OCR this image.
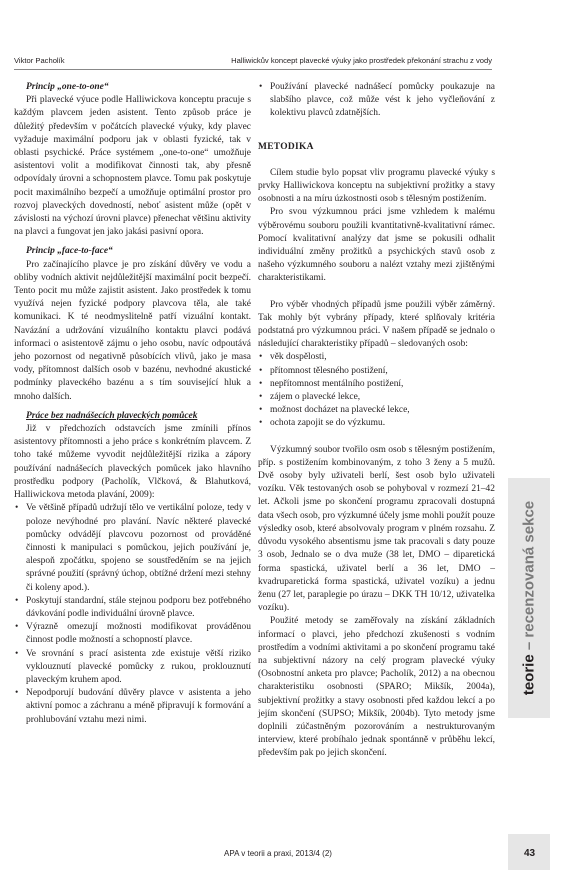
Viktor Pacholík	Halliwickův koncept plavecké výuky jako prostředek překonání strachu z vody

Princip „one-to-one“

Při plavecké výuce podle Halliwickova konceptu pracuje s každým plavcem jeden asistent. Tento způsob práce je důležitý především v počátcích plavecké výuky, kdy plavec vyžaduje maximální podporu jak v oblasti fyzické, tak v oblasti psychické. Práce systémem „one-to-one“ umožňuje asistentovi volit a modifikovat činnosti tak, aby přesně odpovídaly úrovni a schopnostem plavce. Tomu pak poskytuje pocit maximálního bezpečí a umožňuje optimální prostor pro rozvoj plaveckých dovedností, neboť asistent může (opět v závislosti na výchozí úrovni plavce) přenechat většinu aktivity na plavci a fungovat jen jako jakási pasivní opora.

Princip „face-to-face“

Pro začínajícího plavce je pro získání důvěry ve vodu a obliby vodních aktivit nejdůležitější maximální pocit bezpečí. Tento pocit mu může zajistit asistent. Jako prostředek k tomu využívá nejen fyzické podpory plavcova těla, ale také komunikaci. K té neodmyslitelně patří vizuální kontakt. Navázání a udržování vizuálního kontaktu plavci podává informaci o asistentově zájmu o jeho osobu, navíc odpoutává jeho pozornost od negativně působících vlivů, jako je masa vody, přítomnost dalších osob v bazénu, nevhodné akustické podmínky plaveckého bazénu a s tím související hluk a mnoho dalších.

Práce bez nadnášecích plaveckých pomůcek

Již v předchozích odstavcích jsme zmínili přínos asistentovy přítomnosti a jeho práce s konkrétním plavcem. Z toho také můžeme vyvodit nejdůležitější rizika a zápory používání nadnášecích plaveckých pomůcek jako hlavního prostředku podpory (Pacholík, Vlčková, & Blahutková, Halliwickova metoda plavání, 2009):

• Ve většině případů udržují tělo ve vertikální poloze, tedy v poloze nevýhodné pro plavání. Navíc některé plavecké pomůcky odvádějí plavcovu pozornost od prováděné činnosti k manipulaci s pomůckou, jejich používání je, alespoň zpočátku, spojeno se soustředěním se na jejich správné použití (správný úchop, obtížné držení mezi stehny či koleny apod.).
• Poskytují standardní, stále stejnou podporu bez potřebného dávkování podle individuální úrovně plavce.
• Výrazně omezují možnosti modifikovat prováděnou činnost podle možností a schopností plavce.
• Ve srovnání s prací asistenta zde existuje větší riziko vyklouznutí plavecké pomůcky z rukou, proklouznutí plaveckým kruhem apod.
• Nepodporují budování důvěry plavce v asistenta a jeho aktivní pomoc a záchranu a méně připravují k formování a prohlubování vztahu mezi nimi.
• Používání plavecké nadnášecí pomůcky poukazuje na slabšího plavce, což může vést k jeho vyčleňování z kolektivu plavců zdatnějších.

METODIKA

Cílem studie bylo popsat vliv programu plavecké výuky s prvky Halliwickova konceptu na subjektivní prožitky a stavy osobnosti a na míru úzkostnosti osob s tělesným postižením.

Pro svou výzkumnou práci jsme vzhledem k malému výběrovému souboru použili kvantitativně-kvalitativní rámec. Pomocí kvalitativní analýzy dat jsme se pokusili odhalit individuální změny prožitků a psychických stavů osob z našeho výzkumného souboru a nalézt vztahy mezi zjištěnými charakteristikami.

Pro výběr vhodných případů jsme použili výběr záměrný. Tak mohly být vybrány případy, které splňovaly kritéria podstatná pro výzkumnou práci. V našem případě se jednalo o následující charakteristiky případů – sledovaných osob:

• věk dospělosti,
• přítomnost tělesného postižení,
• nepřítomnost mentálního postižení,
• zájem o plavecké lekce,
• možnost docházet na plavecké lekce,
• ochota zapojit se do výzkumu.

Výzkumný soubor tvořilo osm osob s tělesným postižením, příp. s postižením kombinovaným, z toho 3 ženy a 5 mužů. Dvě osoby byly uživateli berlí, šest osob bylo uživateli vozíku. Věk testovaných osob se pohyboval v rozmezí 21–42 let. Ačkoli jsme po skončení programu zpracovali dostupná data všech osob, pro výzkumné účely jsme mohli použít pouze výsledky osob, které absolvovaly program v plném rozsahu. Z důvodu vysokého absentismu jsme tak pracovali s daty pouze 3 osob, Jednalo se o dva muže (38 let, DMO – diparetická forma spastická, uživatel berlí a 36 let, DMO – kvadruparetická forma spastická, uživatel vozíku) a jednu ženu (27 let, paraplegie po úrazu – DKK TH 10/12, uživatelka vozíku).

Použité metody se zaměřovaly na získání základních informací o plavci, jeho předchozí zkušenosti s vodním prostředím a vodními aktivitami a po skončení programu také na subjektivní názory na celý program plavecké výuky (Osobnostní anketa pro plavce; Pacholík, 2012) a na obecnou charakteristiku osobnosti (SPARO; Mikšík, 2004a), subjektivní prožitky a stavy osobnosti před každou lekcí a po jejím skončení (SUPSO; Mikšík, 2004b). Tyto metody jsme doplnili zúčastněným pozorováním a nestrukturovaným interview, které probíhalo jednak spontánně v průběhu lekcí, především pak po jejich skončení.

teorie – recenzovaná sekce
APA v teorii a praxi, 2013/4 (2)	43
